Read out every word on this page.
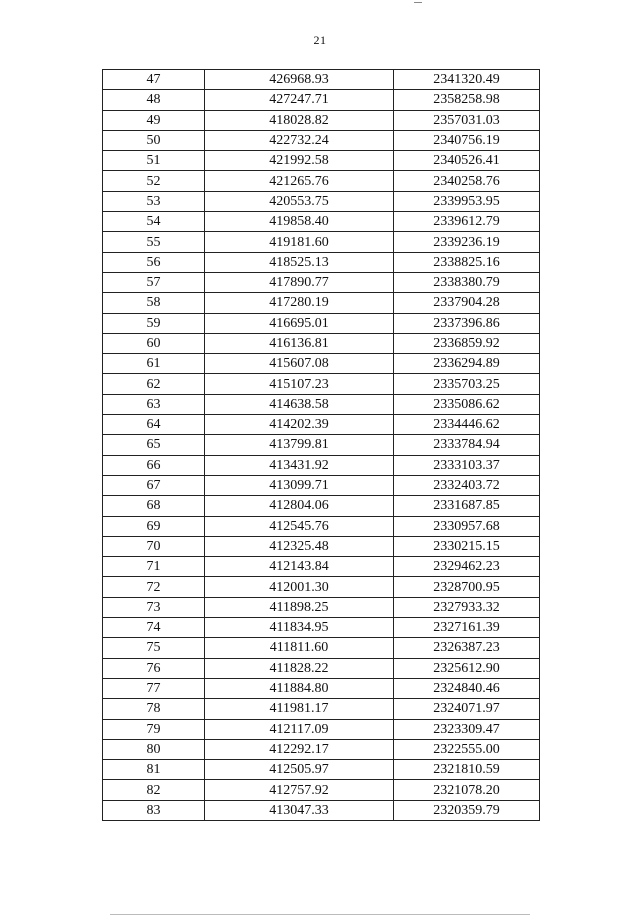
21
47	426968.93	2341320.49
48	427247.71	2358258.98
49	418028.82	2357031.03
50	422732.24	2340756.19
51	421992.58	2340526.41
52	421265.76	2340258.76
53	420553.75	2339953.95
54	419858.40	2339612.79
55	419181.60	2339236.19
56	418525.13	2338825.16
57	417890.77	2338380.79
58	417280.19	2337904.28
59	416695.01	2337396.86
60	416136.81	2336859.92
61	415607.08	2336294.89
62	415107.23	2335703.25
63	414638.58	2335086.62
64	414202.39	2334446.62
65	413799.81	2333784.94
66	413431.92	2333103.37
67	413099.71	2332403.72
68	412804.06	2331687.85
69	412545.76	2330957.68
70	412325.48	2330215.15
71	412143.84	2329462.23
72	412001.30	2328700.95
73	411898.25	2327933.32
74	411834.95	2327161.39
75	411811.60	2326387.23
76	411828.22	2325612.90
77	411884.80	2324840.46
78	411981.17	2324071.97
79	412117.09	2323309.47
80	412292.17	2322555.00
81	412505.97	2321810.59
82	412757.92	2321078.20
83	413047.33	2320359.79
